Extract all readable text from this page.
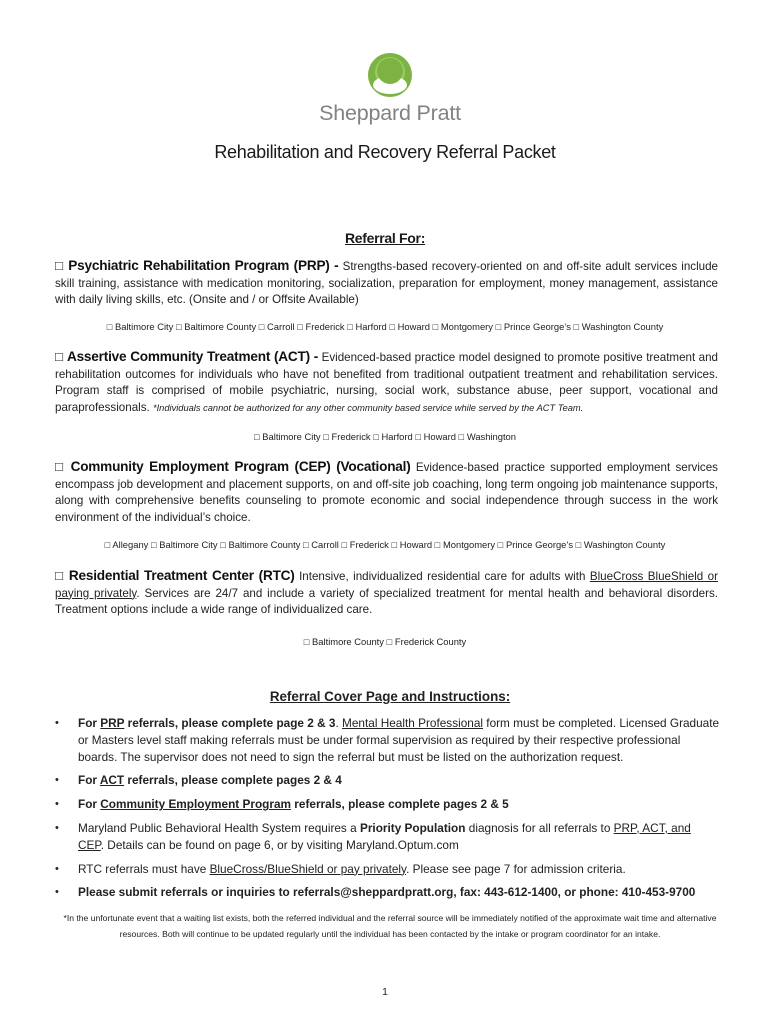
Sheppard Pratt
Rehabilitation and Recovery Referral Packet
Referral For:
□ Psychiatric Rehabilitation Program (PRP) - Strengths-based recovery-oriented on and off-site adult services include skill training, assistance with medication monitoring, socialization, preparation for employment, money management, assistance with daily living skills, etc. (Onsite and / or Offsite Available)
□ Baltimore City □ Baltimore County □ Carroll □ Frederick □ Harford □ Howard □ Montgomery □ Prince George’s □ Washington County
□ Assertive Community Treatment (ACT) - Evidenced-based practice model designed to promote positive treatment and rehabilitation outcomes for individuals who have not benefited from traditional outpatient treatment and rehabilitation services. Program staff is comprised of mobile psychiatric, nursing, social work, substance abuse, peer support, vocational and paraprofessionals. *Individuals cannot be authorized for any other community based service while served by the ACT Team.
□ Baltimore City □ Frederick □ Harford □ Howard □ Washington
□ Community Employment Program (CEP) (Vocational) Evidence-based practice supported employment services encompass job development and placement supports, on and off-site job coaching, long term ongoing job maintenance supports, along with comprehensive benefits counseling to promote economic and social independence through success in the work environment of the individual’s choice.
□ Allegany □ Baltimore City □ Baltimore County □ Carroll □ Frederick □ Howard □ Montgomery □ Prince George’s □ Washington County
□ Residential Treatment Center (RTC) Intensive, individualized residential care for adults with BlueCross BlueShield or paying privately. Services are 24/7 and include a variety of specialized treatment for mental health and behavioral disorders. Treatment options include a wide range of individualized care.
□ Baltimore County □ Frederick County
Referral Cover Page and Instructions:
• For PRP referrals, please complete page 2 & 3. Mental Health Professional form must be completed. Licensed Graduate or Masters level staff making referrals must be under formal supervision as required by their respective professional boards. The supervisor does not need to sign the referral but must be listed on the authorization request.
• For ACT referrals, please complete pages 2 & 4
• For Community Employment Program referrals, please complete pages 2 & 5
• Maryland Public Behavioral Health System requires a Priority Population diagnosis for all referrals to PRP, ACT, and CEP. Details can be found on page 6, or by visiting Maryland.Optum.com
• RTC referrals must have BlueCross/BlueShield or pay privately. Please see page 7 for admission criteria.
• Please submit referrals or inquiries to referrals@sheppardpratt.org, fax: 443-612-1400, or phone: 410-453-9700
*In the unfortunate event that a waiting list exists, both the referred individual and the referral source will be immediately notified of the approximate wait time and alternative resources. Both will continue to be updated regularly until the individual has been contacted by the intake or program coordinator for an intake.
1
